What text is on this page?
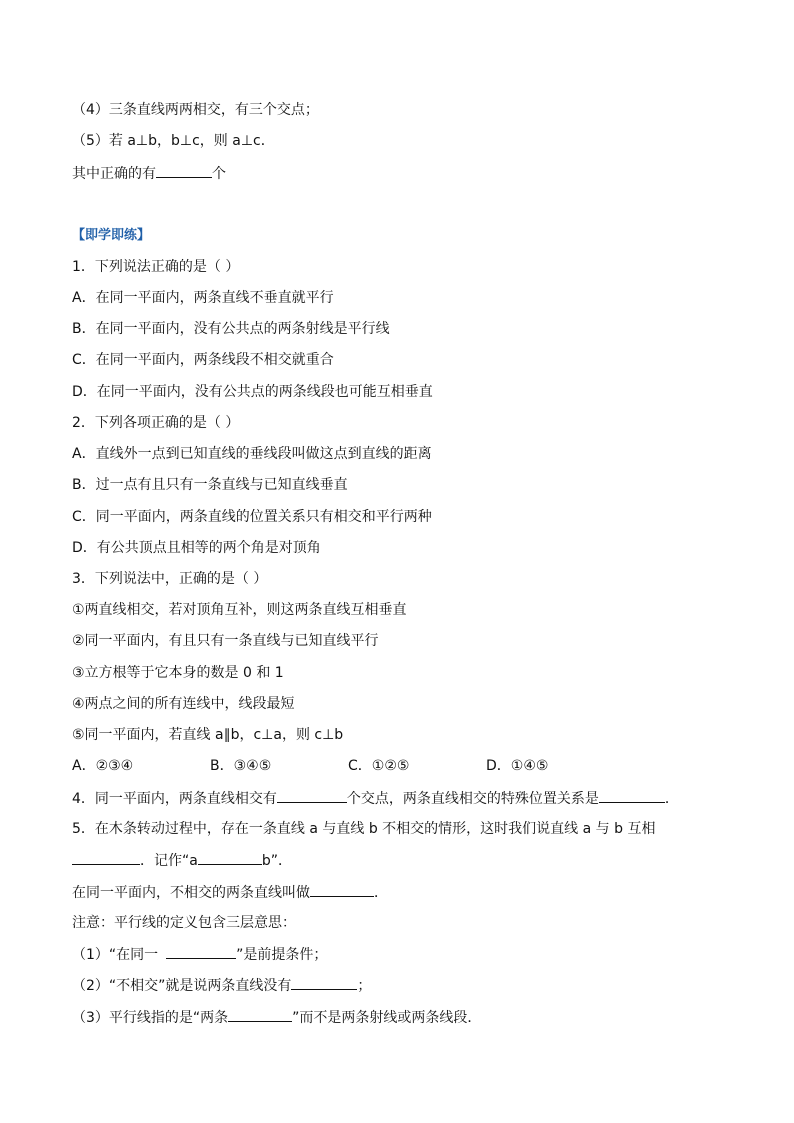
（4）三条直线两两相交，有三个交点；
（5）若 a⊥b，b⊥c，则 a⊥c．
其中正确的有	个
【即学即练】
1．下列说法正确的是（ ）
A．在同一平面内，两条直线不垂直就平行
B．在同一平面内，没有公共点的两条射线是平行线
C．在同一平面内，两条线段不相交就重合
D．在同一平面内，没有公共点的两条线段也可能互相垂直
2．下列各项正确的是（ ）
A．直线外一点到已知直线的垂线段叫做这点到直线的距离
B．过一点有且只有一条直线与已知直线垂直
C．同一平面内，两条直线的位置关系只有相交和平行两种
D．有公共顶点且相等的两个角是对顶角
3．下列说法中，正确的是（ ）
①两直线相交，若对顶角互补，则这两条直线互相垂直
②同一平面内，有且只有一条直线与已知直线平行
③立方根等于它本身的数是 0 和 1
④两点之间的所有连线中，线段最短
⑤同一平面内，若直线 a∥b，c⊥a，则 c⊥b
A．②③④	B．③④⑤	C．①②⑤	D．①④⑤
4．同一平面内，两条直线相交有	个交点，两条直线相交的特殊位置关系是	．
5．在木条转动过程中，存在一条直线 a 与直线 b 不相交的情形，这时我们说直线 a 与 b 互相
．记作“a	b”．
在同一平面内，不相交的两条直线叫做	．
注意：平行线的定义包含三层意思：
（1）“在同一	”是前提条件；
（2）“不相交”就是说两条直线没有	；
（3）平行线指的是“两条	”而不是两条射线或两条线段．
